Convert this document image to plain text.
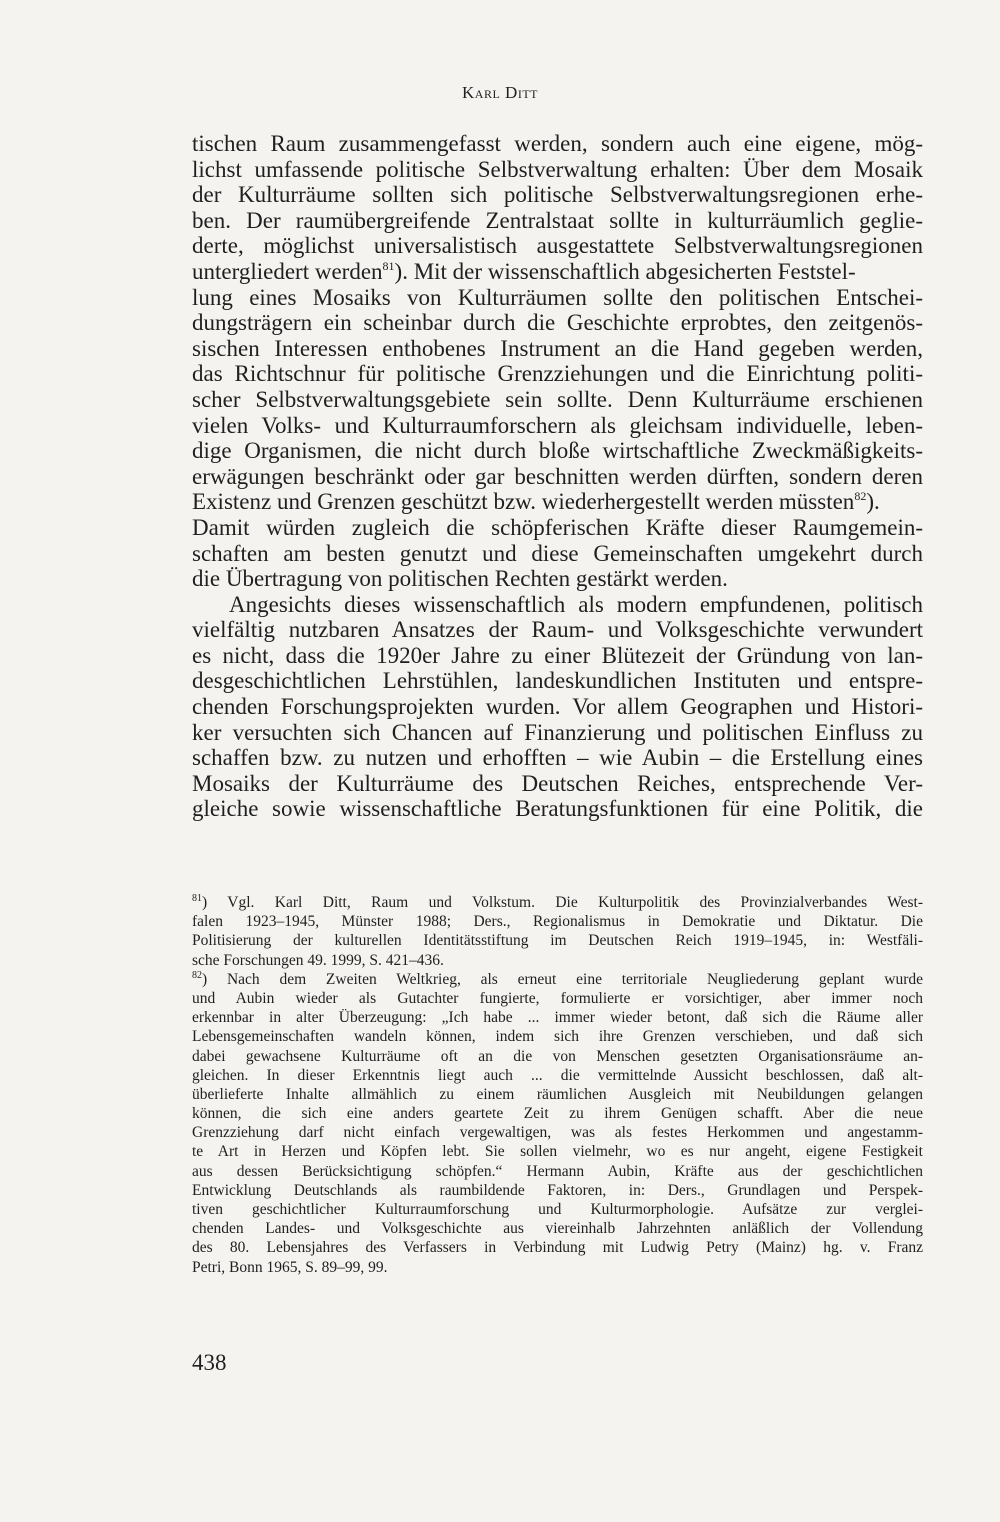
Karl Ditt
tischen Raum zusammengefasst werden, sondern auch eine eigene, mög-
lichst umfassende politische Selbstverwaltung erhalten: Über dem Mosaik
der Kulturräume sollten sich politische Selbstverwaltungsregionen erhe-
ben. Der raumübergreifende Zentralstaat sollte in kulturräumlich geglie-
derte, möglichst universalistisch ausgestattete Selbstverwaltungsregionen
untergliedert werden$^{81}$). Mit der wissenschaftlich abgesicherten Feststel-
lung eines Mosaiks von Kulturräumen sollte den politischen Entschei-
dungsträgern ein scheinbar durch die Geschichte erprobtes, den zeitgenös-
sischen Interessen enthobenes Instrument an die Hand gegeben werden,
das Richtschnur für politische Grenzziehungen und die Einrichtung politi-
scher Selbstverwaltungsgebiete sein sollte. Denn Kulturräume erschienen
vielen Volks- und Kulturraumforschern als gleichsam individuelle, leben-
dige Organismen, die nicht durch bloße wirtschaftliche Zweckmäßigkeits-
erwägungen beschränkt oder gar beschnitten werden dürften, sondern deren
Existenz und Grenzen geschützt bzw. wiederhergestellt werden müssten$^{82}$).
Damit würden zugleich die schöpferischen Kräfte dieser Raumgemein-
schaften am besten genutzt und diese Gemeinschaften umgekehrt durch
die Übertragung von politischen Rechten gestärkt werden.
Angesichts dieses wissenschaftlich als modern empfundenen, politisch
vielfältig nutzbaren Ansatzes der Raum- und Volksgeschichte verwundert
es nicht, dass die 1920er Jahre zu einer Blütezeit der Gründung von lan-
desgeschichtlichen Lehrstühlen, landeskundlichen Instituten und entspre-
chenden Forschungsprojekten wurden. Vor allem Geographen und Histori-
ker versuchten sich Chancen auf Finanzierung und politischen Einfluss zu
schaffen bzw. zu nutzen und erhofften – wie Aubin – die Erstellung eines
Mosaiks der Kulturräume des Deutschen Reiches, entsprechende Ver-
gleiche sowie wissenschaftliche Beratungsfunktionen für eine Politik, die
$^{81}$) Vgl. Karl Ditt, Raum und Volkstum. Die Kulturpolitik des Provinzialverbandes West-
falen 1923–1945, Münster 1988; Ders., Regionalismus in Demokratie und Diktatur. Die
Politisierung der kulturellen Identitätsstiftung im Deutschen Reich 1919–1945, in: Westfäli-
sche Forschungen 49. 1999, S. 421–436.
$^{82}$) Nach dem Zweiten Weltkrieg, als erneut eine territoriale Neugliederung geplant wurde
und Aubin wieder als Gutachter fungierte, formulierte er vorsichtiger, aber immer noch
erkennbar in alter Überzeugung: „Ich habe ... immer wieder betont, daß sich die Räume aller
Lebensgemeinschaften wandeln können, indem sich ihre Grenzen verschieben, und daß sich
dabei gewachsene Kulturräume oft an die von Menschen gesetzten Organisationsräume an-
gleichen. In dieser Erkenntnis liegt auch ... die vermittelnde Aussicht beschlossen, daß alt-
überlieferte Inhalte allmählich zu einem räumlichen Ausgleich mit Neubildungen gelangen
können, die sich eine anders geartete Zeit zu ihrem Genügen schafft. Aber die neue
Grenzziehung darf nicht einfach vergewaltigen, was als festes Herkommen und angestamm-
te Art in Herzen und Köpfen lebt. Sie sollen vielmehr, wo es nur angeht, eigene Festigkeit
aus dessen Berücksichtigung schöpfen.“ Hermann Aubin, Kräfte aus der geschichtlichen
Entwicklung Deutschlands als raumbildende Faktoren, in: Ders., Grundlagen und Perspek-
tiven geschichtlicher Kulturraumforschung und Kulturmorphologie. Aufsätze zur verglei-
chenden Landes- und Volksgeschichte aus viereinhalb Jahrzehnten anläßlich der Vollendung
des 80. Lebensjahres des Verfassers in Verbindung mit Ludwig Petry (Mainz) hg. v. Franz
Petri, Bonn 1965, S. 89–99, 99.
438
